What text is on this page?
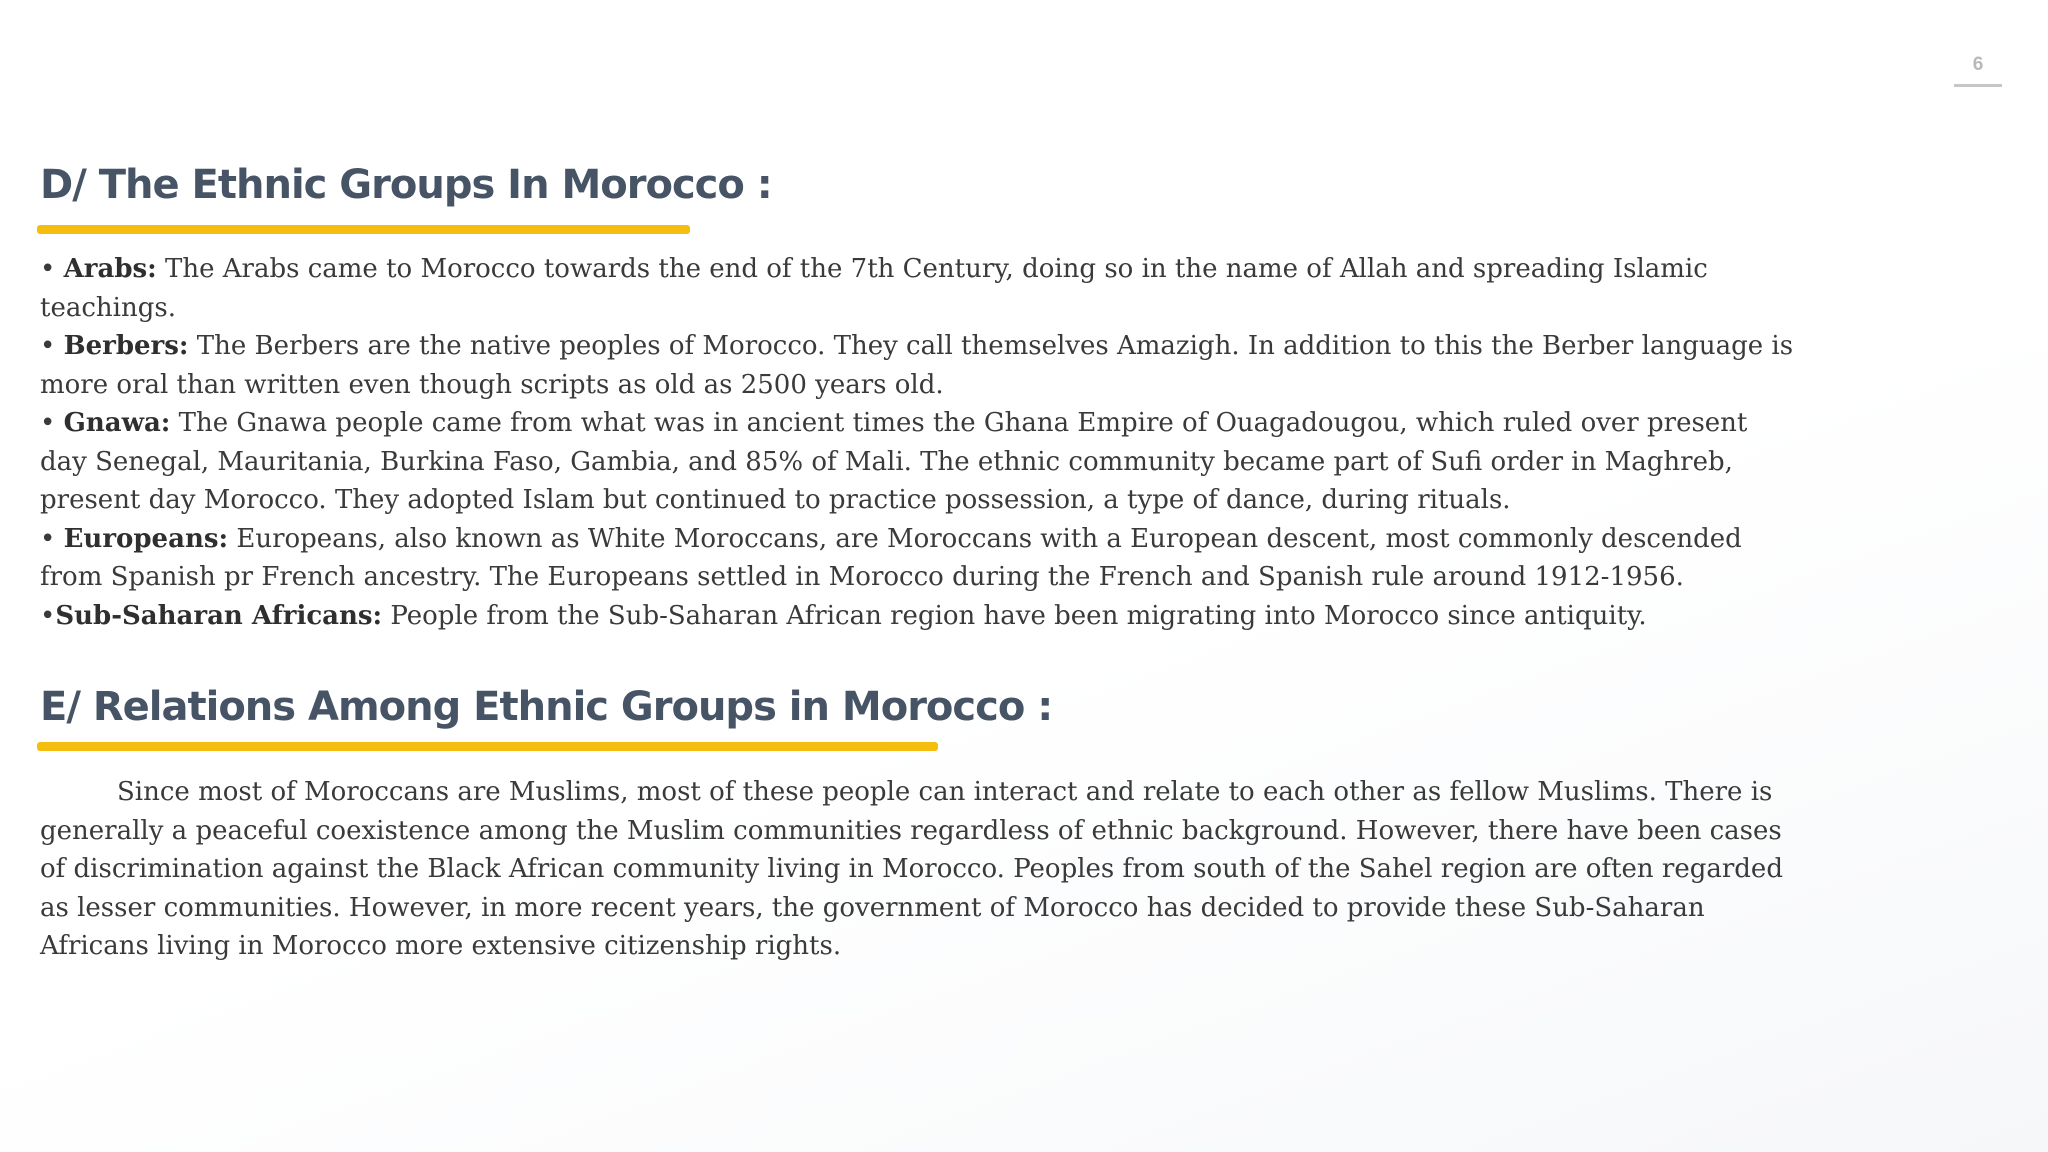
6
D/ The Ethnic Groups In Morocco :
• Arabs: The Arabs came to Morocco towards the end of the 7th Century, doing so in the name of Allah and spreading Islamic
teachings.
• Berbers: The Berbers are the native peoples of Morocco. They call themselves Amazigh. In addition to this the Berber language is
more oral than written even though scripts as old as 2500 years old.
• Gnawa: The Gnawa people came from what was in ancient times the Ghana Empire of Ouagadougou, which ruled over present
day Senegal, Mauritania, Burkina Faso, Gambia, and 85% of Mali. The ethnic community became part of Sufi order in Maghreb,
present day Morocco. They adopted Islam but continued to practice possession, a type of dance, during rituals.
• Europeans: Europeans, also known as White Moroccans, are Moroccans with a European descent, most commonly descended
from Spanish pr French ancestry. The Europeans settled in Morocco during the French and Spanish rule around 1912-1956.
•Sub-Saharan Africans: People from the Sub-Saharan African region have been migrating into Morocco since antiquity.
E/ Relations Among Ethnic Groups in Morocco :
Since most of Moroccans are Muslims, most of these people can interact and relate to each other as fellow Muslims. There is
generally a peaceful coexistence among the Muslim communities regardless of ethnic background. However, there have been cases
of discrimination against the Black African community living in Morocco. Peoples from south of the Sahel region are often regarded
as lesser communities. However, in more recent years, the government of Morocco has decided to provide these Sub-Saharan
Africans living in Morocco more extensive citizenship rights.
